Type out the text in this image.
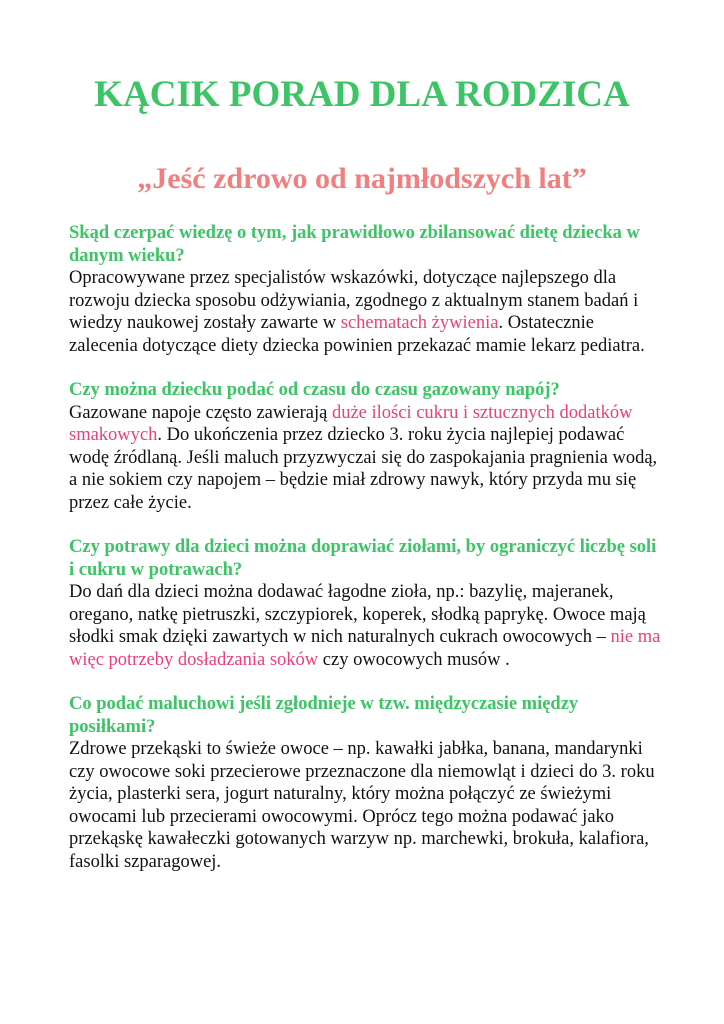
KĄCIK PORAD DLA RODZICA
„Jeść zdrowo od najmłodszych lat”

Skąd czerpać wiedzę o tym, jak prawidłowo zbilansować dietę dziecka w danym wieku?

Opracowywane przez specjalistów wskazówki, dotyczące najlepszego dla rozwoju dziecka sposobu odżywiania, zgodnego z aktualnym stanem badań i wiedzy naukowej zostały zawarte w schematach żywienia. Ostatecznie zalecenia dotyczące diety dziecka powinien przekazać mamie lekarz pediatra.

Czy można dziecku podać od czasu do czasu gazowany napój?

Gazowane napoje często zawierają duże ilości cukru i sztucznych dodatków smakowych. Do ukończenia przez dziecko 3. roku życia najlepiej podawać wodę źródlaną. Jeśli maluch przyzwyczai się do zaspokajania pragnienia wodą, a nie sokiem czy napojem – będzie miał zdrowy nawyk, który przyda mu się przez całe życie.

Czy potrawy dla dzieci można doprawiać ziołami, by ograniczyć liczbę soli i cukru w potrawach?

Do dań dla dzieci można dodawać łagodne zioła, np.: bazylię, majeranek, oregano, natkę pietruszki, szczypiorek, koperek, słodką paprykę. Owoce mają słodki smak dzięki zawartych w nich naturalnych cukrach owocowych – nie ma więc potrzeby dosładzania soków czy owocowych musów .

Co podać maluchowi jeśli zgłodnieje w tzw. międzyczasie między posiłkami?

Zdrowe przekąski to świeże owoce – np. kawałki jabłka, banana, mandarynki czy owocowe soki przecierowe przeznaczone dla niemowląt i dzieci do 3. roku życia, plasterki sera, jogurt naturalny, który można połączyć ze świeżymi owocami lub przecierami owocowymi. Oprócz tego można podawać jako przekąskę kawałeczki gotowanych warzyw np. marchewki, brokuła, kalafiora, fasolki szparagowej.
